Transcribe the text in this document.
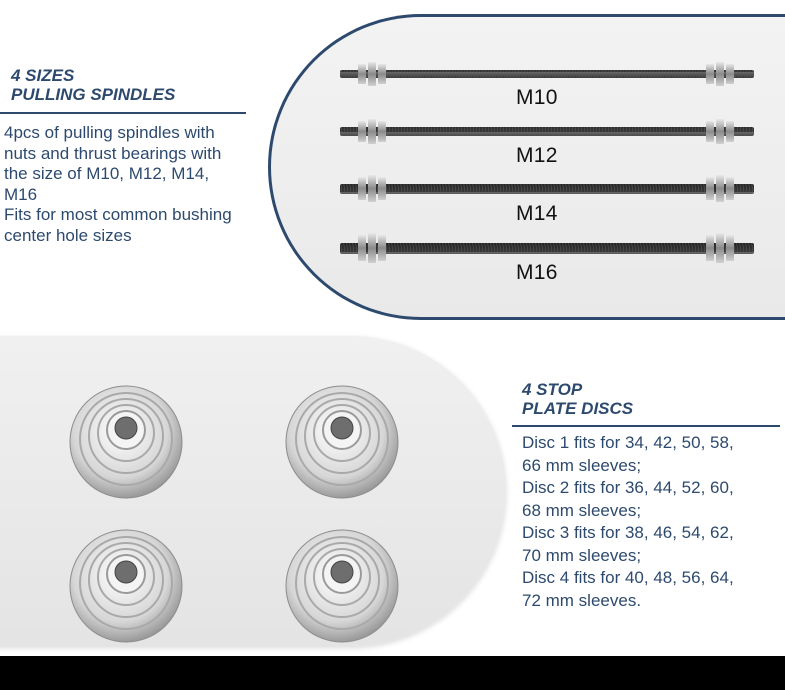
4 SIZES
PULLING SPINDLES

4pcs of pulling spindles with

nuts and thrust bearings with

the size of M10, M12, M14,

M16

Fits for most common bushing

center hole sizes

M10
M12
M14
M16
4 STOP
PLATE DISCS

Disc 1 fits for 34, 42, 50, 58,

66 mm sleeves;

Disc 2 fits for 36, 44, 52, 60,

68 mm sleeves;

Disc 3 fits for 38, 46, 54, 62,

70 mm sleeves;

Disc 4 fits for 40, 48, 56, 64,

72 mm sleeves.
